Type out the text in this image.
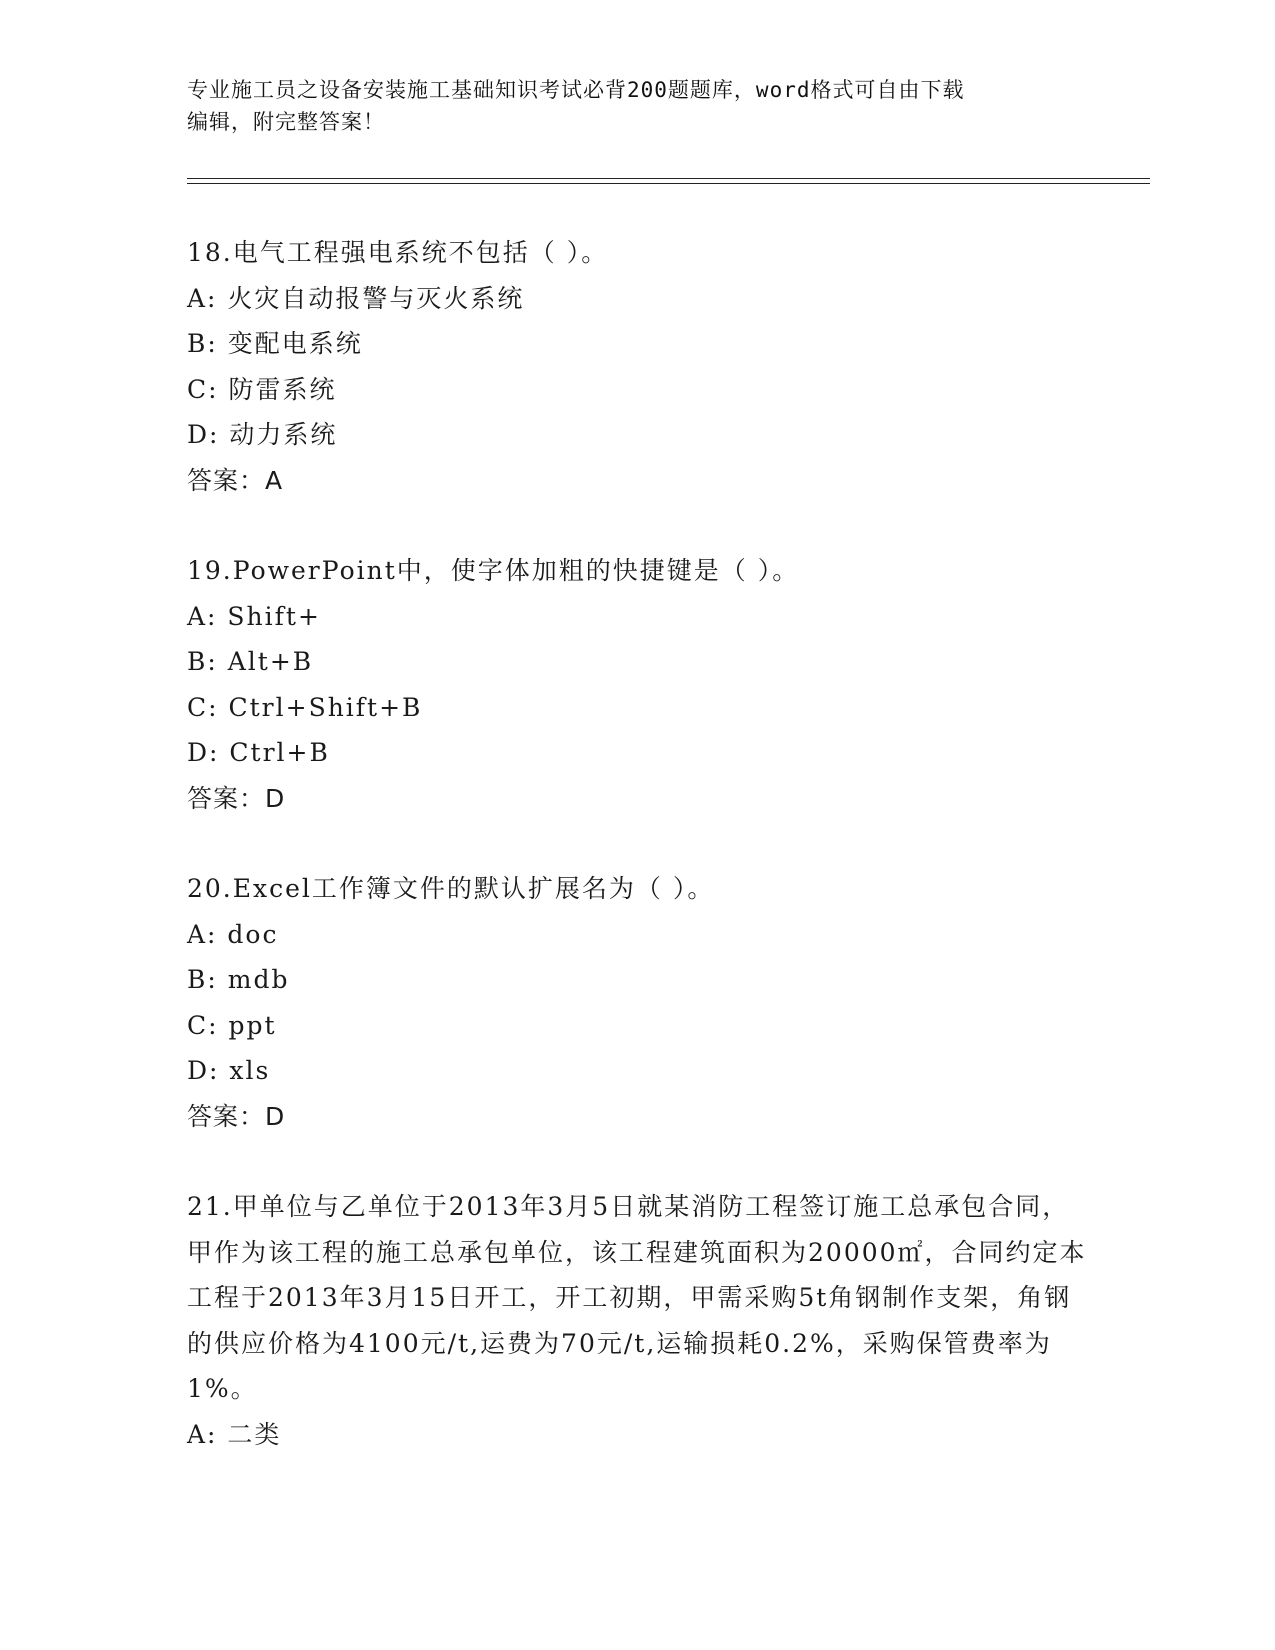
专业施工员之设备安装施工基础知识考试必背200题题库，word格式可自由下载
编辑，附完整答案！

18.电气工程强电系统不包括（ ）。

A: 火灾自动报警与灭火系统

B: 变配电系统

C: 防雷系统

D: 动力系统

答案：A

19.PowerPoint中，使字体加粗的快捷键是（ ）。

A: Shift+

B: Alt+B

C: Ctrl+Shift+B

D: Ctrl+B

答案：D

20.Excel工作簿文件的默认扩展名为（ ）。

A: doc

B: mdb

C: ppt

D: xls

答案：D

21.甲单位与乙单位于2013年3月5日就某消防工程签订施工总承包合同，甲作为该工程的施工总承包单位，该工程建筑面积为20000㎡，合同约定本工程于2013年3月15日开工，开工初期，甲需采购5t角钢制作支架，角钢的供应价格为4100元/t,运费为70元/t,运输损耗0.2%，采购保管费率为1%。

A: 二类
